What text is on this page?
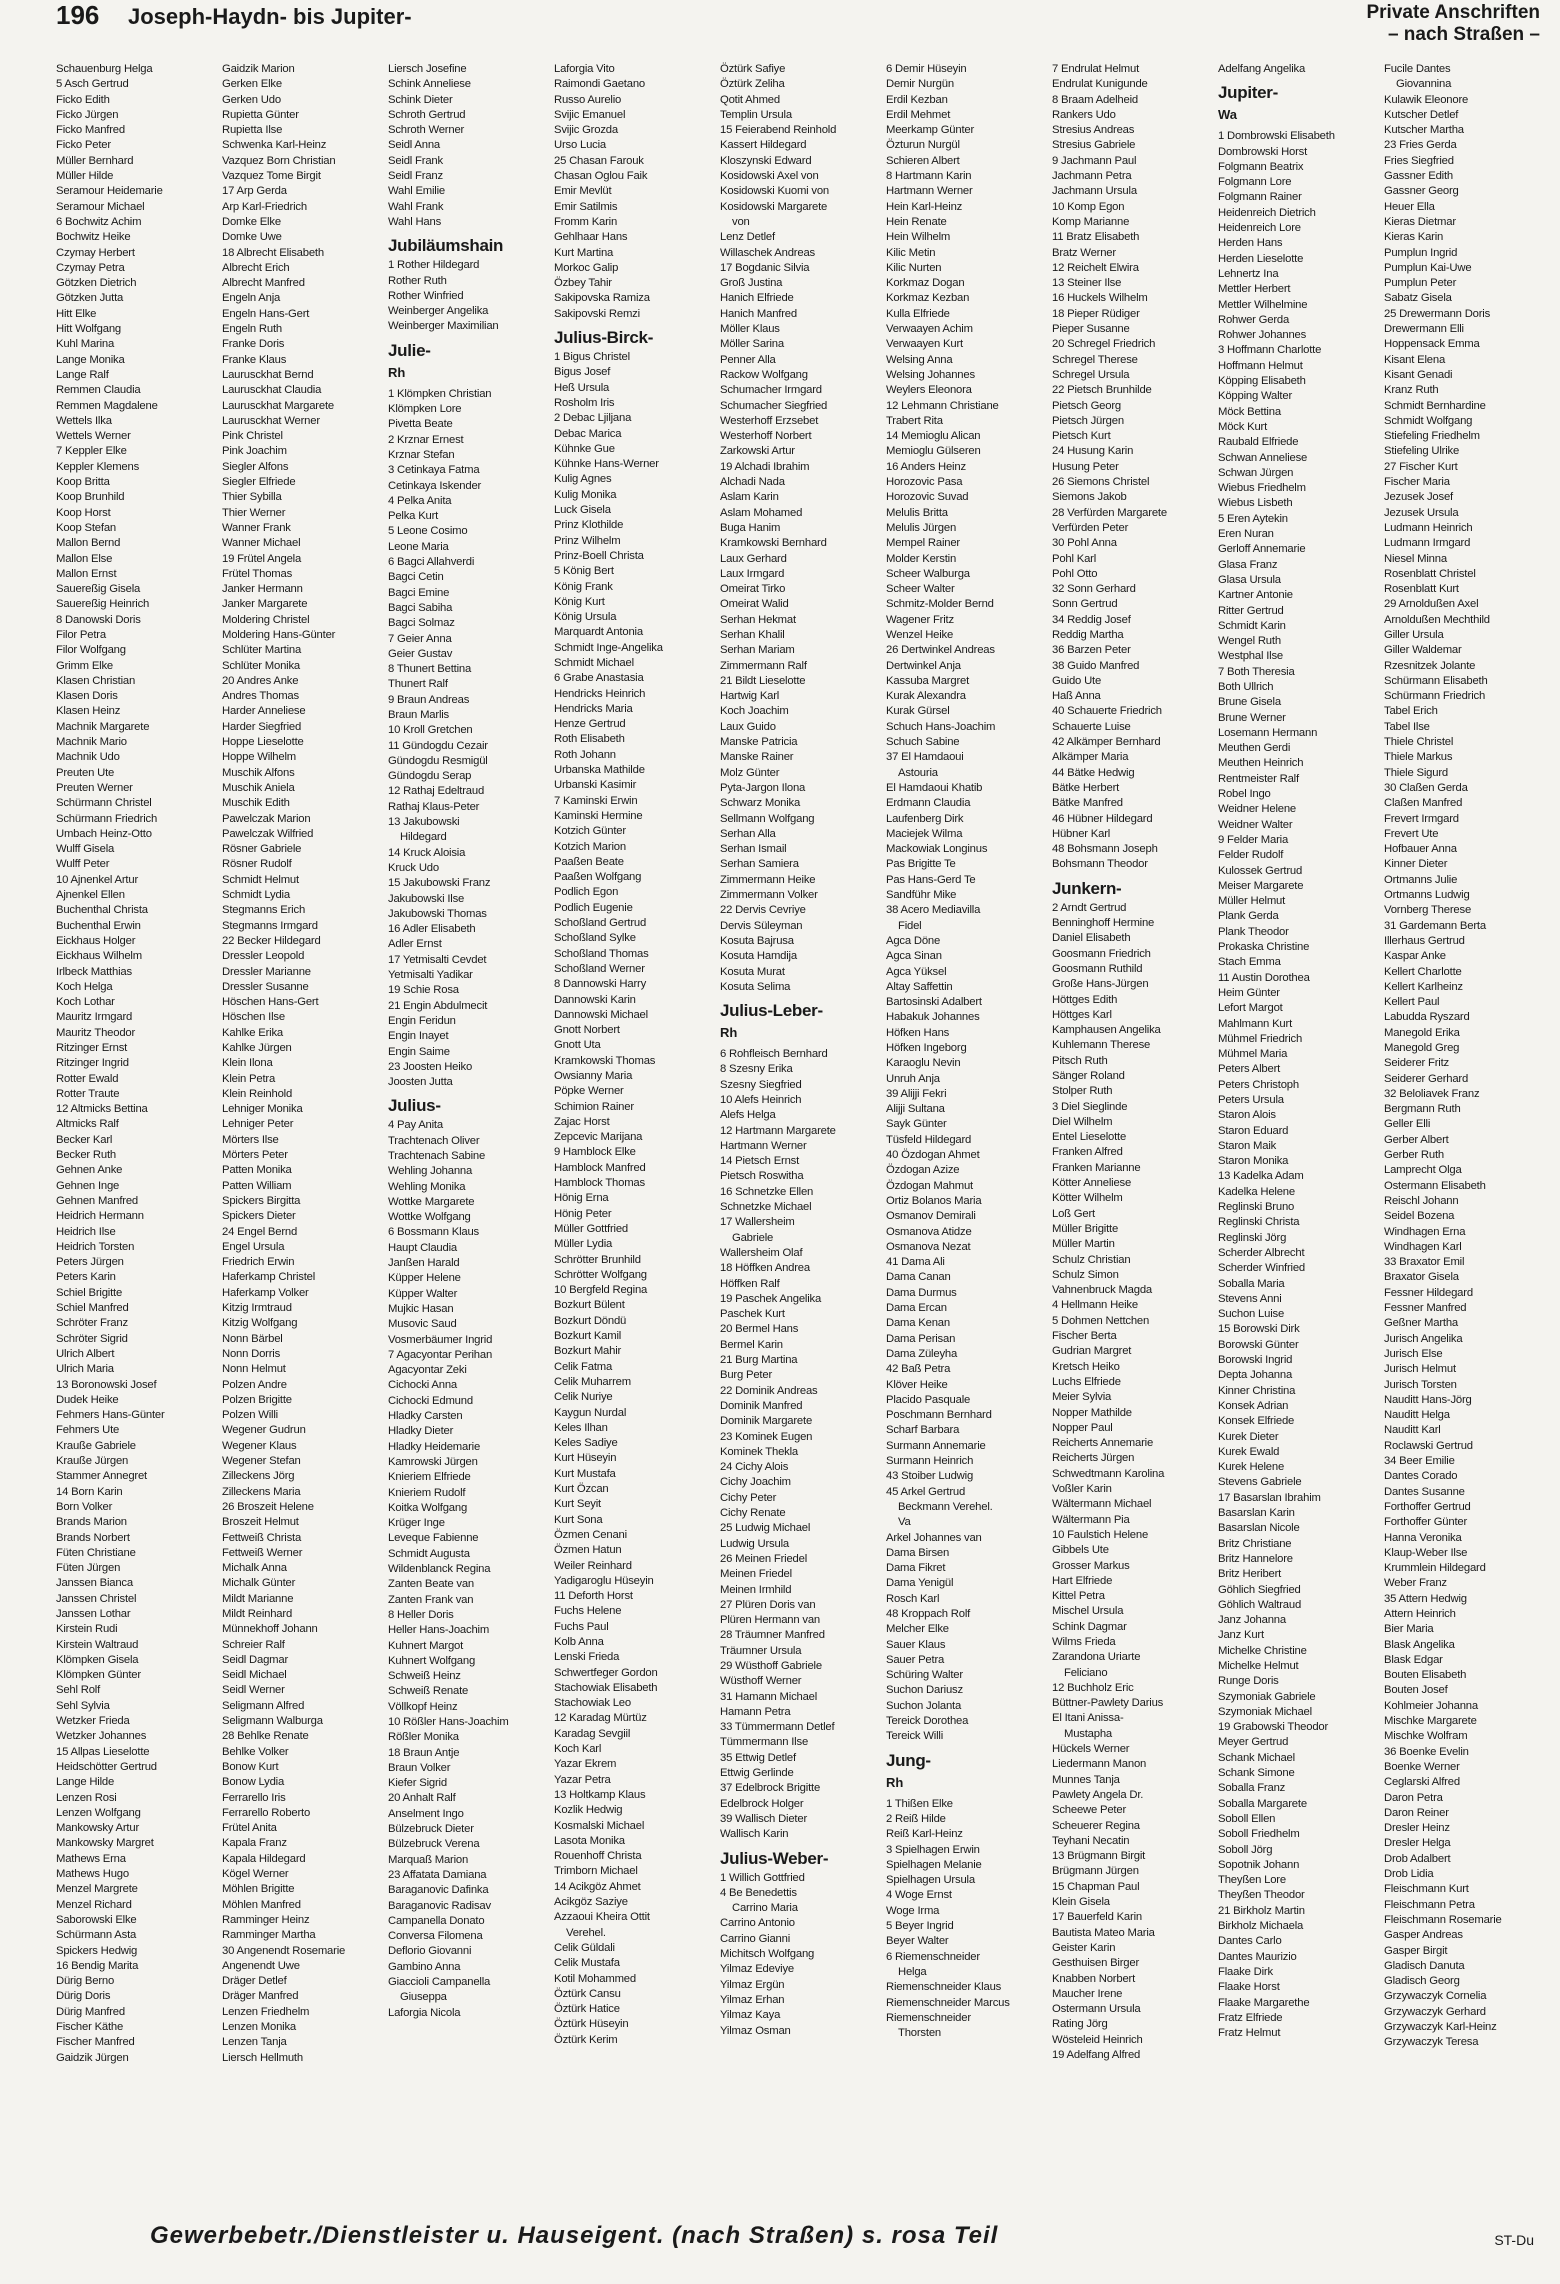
196 Joseph-Haydn- bis Jupiter-	Private Anschriften
– nach Straßen –
Schauenburg Helga
5 Asch Gertrud
Ficko Edith
Ficko Jürgen
Ficko Manfred
Ficko Peter
Müller Bernhard
Müller Hilde
Seramour Heidemarie
Seramour Michael
6 Bochwitz Achim
Bochwitz Heike
Czymay Herbert
Czymay Petra
Götzken Dietrich
Götzken Jutta
Hitt Elke
Hitt Wolfgang
Kuhl Marina
Lange Monika
Lange Ralf
Remmen Claudia
Remmen Magdalene
Wettels Ilka
Wettels Werner
7 Keppler Elke
Keppler Klemens
Koop Britta
Koop Brunhild
Koop Horst
Koop Stefan
Mallon Bernd
Mallon Else
Mallon Ernst
Sauereßig Gisela
Sauereßig Heinrich
8 Danowski Doris
Filor Petra
Filor Wolfgang
Grimm Elke
Klasen Christian
Klasen Doris
Klasen Heinz
Machnik Margarete
Machnik Mario
Machnik Udo
Preuten Ute
Preuten Werner
Schürmann Christel
Schürmann Friedrich
Umbach Heinz-Otto
Wulff Gisela
Wulff Peter
10 Ajnenkel Artur
Ajnenkel Ellen
Buchenthal Christa
Buchenthal Erwin
Eickhaus Holger
Eickhaus Wilhelm
Irlbeck Matthias
Koch Helga
Koch Lothar
Mauritz Irmgard
Mauritz Theodor
Ritzinger Ernst
Ritzinger Ingrid
Rotter Ewald
Rotter Traute
12 Altmicks Bettina
Altmicks Ralf
Becker Karl
Becker Ruth
Gehnen Anke
Gehnen Inge
Gehnen Manfred
Heidrich Hermann
Heidrich Ilse
Heidrich Torsten
Peters Jürgen
Peters Karin
Schiel Brigitte
Schiel Manfred
Schröter Franz
Schröter Sigrid
Ulrich Albert
Ulrich Maria
13 Boronowski Josef
Dudek Heike
Fehmers Hans-Günter
Fehmers Ute
Krauße Gabriele
Krauße Jürgen
Stammer Annegret
14 Born Karin
Born Volker
Brands Marion
Brands Norbert
Füten Christiane
Füten Jürgen
Janssen Bianca
Janssen Christel
Janssen Lothar
Kirstein Rudi
Kirstein Waltraud
Klömpken Gisela
Klömpken Günter
Sehl Rolf
Sehl Sylvia
Wetzker Frieda
Wetzker Johannes
15 Allpas Lieselotte
Heidschötter Gertrud
Lange Hilde
Lenzen Rosi
Lenzen Wolfgang
Mankowsky Artur
Mankowsky Margret
Mathews Erna
Mathews Hugo
Menzel Margrete
Menzel Richard
Saborowski Elke
Schürmann Asta
Spickers Hedwig
16 Bendig Marita
Dürig Berno
Dürig Doris
Dürig Manfred
Fischer Käthe
Fischer Manfred
Gaidzik Jürgen
Gaidzik Marion
Gerken Elke
Gerken Udo
Rupietta Günter
Rupietta Ilse
Schwenka Karl-Heinz
Vazquez Born Christian
Vazquez Tome Birgit
17 Arp Gerda
Arp Karl-Friedrich
Domke Elke
Domke Uwe
18 Albrecht Elisabeth
Albrecht Erich
Albrecht Manfred
Engeln Anja
Engeln Hans-Gert
Engeln Ruth
Franke Doris
Franke Klaus
Laurusckhat Bernd
Laurusckhat Claudia
Laurusckhat Margarete
Laurusckhat Werner
Pink Christel
Pink Joachim
Siegler Alfons
Siegler Elfriede
Thier Sybilla
Thier Werner
Wanner Frank
Wanner Michael
19 Frütel Angela
Frütel Thomas
Janker Hermann
Janker Margarete
Moldering Christel
Moldering Hans-Günter
Schlüter Martina
Schlüter Monika
20 Andres Anke
Andres Thomas
Harder Anneliese
Harder Siegfried
Hoppe Lieselotte
Hoppe Wilhelm
Muschik Alfons
Muschik Aniela
Muschik Edith
Pawelczak Marion
Pawelczak Wilfried
Rösner Gabriele
Rösner Rudolf
Schmidt Helmut
Schmidt Lydia
Stegmanns Erich
Stegmanns Irmgard
22 Becker Hildegard
Dressler Leopold
Dressler Marianne
Dressler Susanne
Höschen Hans-Gert
Höschen Ilse
Kahlke Erika
Kahlke Jürgen
Klein Ilona
Klein Petra
Klein Reinhold
Lehniger Monika
Lehniger Peter
Mörters Ilse
Mörters Peter
Patten Monika
Patten William
Spickers Birgitta
Spickers Dieter
24 Engel Bernd
Engel Ursula
Friedrich Erwin
Haferkamp Christel
Haferkamp Volker
Kitzig Irmtraud
Kitzig Wolfgang
Nonn Bärbel
Nonn Dorris
Nonn Helmut
Polzen Andre
Polzen Brigitte
Polzen Willi
Wegener Gudrun
Wegener Klaus
Wegener Stefan
Zilleckens Jörg
Zilleckens Maria
26 Broszeit Helene
Broszeit Helmut
Fettweiß Christa
Fettweiß Werner
Michalk Anna
Michalk Günter
Mildt Marianne
Mildt Reinhard
Münnekhoff Johann
Schreier Ralf
Seidl Dagmar
Seidl Michael
Seidl Werner
Seligmann Alfred
Seligmann Walburga
28 Behlke Renate
Behlke Volker
Bonow Kurt
Bonow Lydia
Ferrarello Iris
Ferrarello Roberto
Frütel Anita
Kapala Franz
Kapala Hildegard
Kögel Werner
Möhlen Brigitte
Möhlen Manfred
Ramminger Heinz
Ramminger Martha
30 Angenendt Rosemarie
Angenendt Uwe
Dräger Detlef
Dräger Manfred
Lenzen Friedhelm
Lenzen Monika
Lenzen Tanja
Liersch Hellmuth
Liersch Josefine
Schink Anneliese
Schink Dieter
Schroth Gertrud
Schroth Werner
Seidl Anna
Seidl Frank
Seidl Franz
Wahl Emilie
Wahl Frank
Wahl Hans
Jubiläumshain
1 Rother Hildegard
Rother Ruth
Rother Winfried
Weinberger Angelika
Weinberger Maximilian
Julie-
Rh
1 Klömpken Christian
Klömpken Lore
Pivetta Beate
2 Krznar Ernest
Krznar Stefan
3 Cetinkaya Fatma
Cetinkaya Iskender
4 Pelka Anita
Pelka Kurt
5 Leone Cosimo
Leone Maria
6 Bagci Allahverdi
Bagci Cetin
Bagci Emine
Bagci Sabiha
Bagci Solmaz
7 Geier Anna
Geier Gustav
8 Thunert Bettina
Thunert Ralf
9 Braun Andreas
Braun Marlis
10 Kroll Gretchen
11 Gündogdu Cezair
Gündogdu Resmigül
Gündogdu Serap
12 Rathaj Edeltraud
Rathaj Klaus-Peter
13 Jakubowski
Hildegard
14 Kruck Aloisia
Kruck Udo
15 Jakubowski Franz
Jakubowski Ilse
Jakubowski Thomas
16 Adler Elisabeth
Adler Ernst
17 Yetmisalti Cevdet
Yetmisalti Yadikar
19 Schie Rosa
21 Engin Abdulmecit
Engin Feridun
Engin Inayet
Engin Saime
23 Joosten Heiko
Joosten Jutta
Julius-
4 Pay Anita
Trachtenach Oliver
Trachtenach Sabine
Wehling Johanna
Wehling Monika
Wottke Margarete
Wottke Wolfgang
6 Bossmann Klaus
Haupt Claudia
Janßen Harald
Küpper Helene
Küpper Walter
Mujkic Hasan
Musovic Saud
Vosmerbäumer Ingrid
7 Agacyontar Perihan
Agacyontar Zeki
Cichocki Anna
Cichocki Edmund
Hladky Carsten
Hladky Dieter
Hladky Heidemarie
Kamrowski Jürgen
Knieriem Elfriede
Knieriem Rudolf
Koitka Wolfgang
Krüger Inge
Leveque Fabienne
Schmidt Augusta
Wildenblanck Regina
Zanten Beate van
Zanten Frank van
8 Heller Doris
Heller Hans-Joachim
Kuhnert Margot
Kuhnert Wolfgang
Schweiß Heinz
Schweiß Renate
Völlkopf Heinz
10 Rößler Hans-Joachim
Rößler Monika
18 Braun Antje
Braun Volker
Kiefer Sigrid
20 Anhalt Ralf
Anselment Ingo
Bülzebruck Dieter
Bülzebruck Verena
Marquaß Marion
23 Affatata Damiana
Baraganovic Dafinka
Baraganovic Radisav
Campanella Donato
Conversa Filomena
Deflorio Giovanni
Gambino Anna
Giaccioli Campanella
Giuseppa
Laforgia Nicola
Laforgia Vito
Raimondi Gaetano
Russo Aurelio
Svijic Emanuel
Svijic Grozda
Urso Lucia
25 Chasan Farouk
Chasan Oglou Faik
Emir Mevlüt
Emir Satilmis
Fromm Karin
Gehlhaar Hans
Kurt Martina
Morkoc Galip
Özbey Tahir
Sakipovska Ramiza
Sakipovski Remzi
Julius-Birck-
1 Bigus Christel
Bigus Josef
Heß Ursula
Rosholm Iris
2 Debac Ljiljana
Debac Marica
Kühnke Gue
Kühnke Hans-Werner
Kulig Agnes
Kulig Monika
Luck Gisela
Prinz Klothilde
Prinz Wilhelm
Prinz-Boell Christa
5 König Bert
König Frank
König Kurt
König Ursula
Marquardt Antonia
Schmidt Inge-Angelika
Schmidt Michael
6 Grabe Anastasia
Hendricks Heinrich
Hendricks Maria
Henze Gertrud
Roth Elisabeth
Roth Johann
Urbanska Mathilde
Urbanski Kasimir
7 Kaminski Erwin
Kaminski Hermine
Kotzich Günter
Kotzich Marion
Paaßen Beate
Paaßen Wolfgang
Podlich Egon
Podlich Eugenie
Schoßland Gertrud
Schoßland Sylke
Schoßland Thomas
Schoßland Werner
8 Dannowski Harry
Dannowski Karin
Dannowski Michael
Gnott Norbert
Gnott Uta
Kramkowski Thomas
Owsianny Maria
Pöpke Werner
Schimion Rainer
Zajac Horst
Zepcevic Marijana
9 Hamblock Elke
Hamblock Manfred
Hamblock Thomas
Hönig Erna
Hönig Peter
Müller Gottfried
Müller Lydia
Schrötter Brunhild
Schrötter Wolfgang
10 Bergfeld Regina
Bozkurt Bülent
Bozkurt Döndü
Bozkurt Kamil
Bozkurt Mahir
Celik Fatma
Celik Muharrem
Celik Nuriye
Kaygun Nurdal
Keles Ilhan
Keles Sadiye
Kurt Hüseyin
Kurt Mustafa
Kurt Özcan
Kurt Seyit
Kurt Sona
Özmen Cenani
Özmen Hatun
Weiler Reinhard
Yadigaroglu Hüseyin
11 Deforth Horst
Fuchs Helene
Fuchs Paul
Kolb Anna
Lenski Frieda
Schwertfeger Gordon
Stachowiak Elisabeth
Stachowiak Leo
12 Karadag Mürtüz
Karadag Sevgiil
Koch Karl
Yazar Ekrem
Yazar Petra
13 Holtkamp Klaus
Kozlik Hedwig
Kosmalski Michael
Lasota Monika
Rouenhoff Christa
Trimborn Michael
14 Acikgöz Ahmet
Acikgöz Saziye
Azzaoui Kheira Ottit
Verehel.
Celik Güldali
Celik Mustafa
Kotil Mohammed
Öztürk Cansu
Öztürk Hatice
Öztürk Hüseyin
Öztürk Kerim
Öztürk Safiye
Öztürk Zeliha
Qotit Ahmed
Templin Ursula
15 Feierabend Reinhold
Kassert Hildegard
Kloszynski Edward
Kosidowski Axel von
Kosidowski Kuomi von
Kosidowski Margarete
von
Lenz Detlef
Willaschek Andreas
17 Bogdanic Silvia
Groß Justina
Hanich Elfriede
Hanich Manfred
Möller Klaus
Möller Sarina
Penner Alla
Rackow Wolfgang
Schumacher Irmgard
Schumacher Siegfried
Westerhoff Erzsebet
Westerhoff Norbert
Zarkowski Artur
19 Alchadi Ibrahim
Alchadi Nada
Aslam Karin
Aslam Mohamed
Buga Hanim
Kramkowski Bernhard
Laux Gerhard
Laux Irmgard
Omeirat Tirko
Omeirat Walid
Serhan Hekmat
Serhan Khalil
Serhan Mariam
Zimmermann Ralf
21 Bildt Lieselotte
Hartwig Karl
Koch Joachim
Laux Guido
Manske Patricia
Manske Rainer
Molz Günter
Pyta-Jargon Ilona
Schwarz Monika
Sellmann Wolfgang
Serhan Alla
Serhan Ismail
Serhan Samiera
Zimmermann Heike
Zimmermann Volker
22 Dervis Cevriye
Dervis Süleyman
Kosuta Bajrusa
Kosuta Hamdija
Kosuta Murat
Kosuta Selima
Julius-Leber-
Rh
6 Rohfleisch Bernhard
8 Szesny Erika
Szesny Siegfried
10 Alefs Heinrich
Alefs Helga
12 Hartmann Margarete
Hartmann Werner
14 Pietsch Ernst
Pietsch Roswitha
16 Schnetzke Ellen
Schnetzke Michael
17 Wallersheim
Gabriele
Wallersheim Olaf
18 Höffken Andrea
Höffken Ralf
19 Paschek Angelika
Paschek Kurt
20 Bermel Hans
Bermel Karin
21 Burg Martina
Burg Peter
22 Dominik Andreas
Dominik Manfred
Dominik Margarete
23 Kominek Eugen
Kominek Thekla
24 Cichy Alois
Cichy Joachim
Cichy Peter
Cichy Renate
25 Ludwig Michael
Ludwig Ursula
26 Meinen Friedel
Meinen Friedel
Meinen Irmhild
27 Plüren Doris van
Plüren Hermann van
28 Träumner Manfred
Träumner Ursula
29 Wüsthoff Gabriele
Wüsthoff Werner
31 Hamann Michael
Hamann Petra
33 Tümmermann Detlef
Tümmermann Ilse
35 Ettwig Detlef
Ettwig Gerlinde
37 Edelbrock Brigitte
Edelbrock Holger
39 Wallisch Dieter
Wallisch Karin
Julius-Weber-
1 Willich Gottfried
4 Be Benedettis
Carrino Maria
Carrino Antonio
Carrino Gianni
Michitsch Wolfgang
Yilmaz Edeviye
Yilmaz Ergün
Yilmaz Erhan
Yilmaz Kaya
Yilmaz Osman
6 Demir Hüseyin
Demir Nurgün
Erdil Kezban
Erdil Mehmet
Meerkamp Günter
Özturun Nurgül
Schieren Albert
8 Hartmann Karin
Hartmann Werner
Hein Karl-Heinz
Hein Renate
Hein Wilhelm
Kilic Metin
Kilic Nurten
Korkmaz Dogan
Korkmaz Kezban
Kulla Elfriede
Verwaayen Achim
Verwaayen Kurt
Welsing Anna
Welsing Johannes
Weylers Eleonora
12 Lehmann Christiane
Trabert Rita
14 Memioglu Alican
Memioglu Gülseren
16 Anders Heinz
Horozovic Pasa
Horozovic Suvad
Melulis Britta
Melulis Jürgen
Mempel Rainer
Molder Kerstin
Scheer Walburga
Scheer Walter
Schmitz-Molder Bernd
Wagener Fritz
Wenzel Heike
26 Dertwinkel Andreas
Dertwinkel Anja
Kassuba Margret
Kurak Alexandra
Kurak Gürsel
Schuch Hans-Joachim
Schuch Sabine
37 El Hamdaoui
Astouria
El Hamdaoui Khatib
Erdmann Claudia
Laufenberg Dirk
Maciejek Wilma
Mackowiak Longinus
Pas Brigitte Te
Pas Hans-Gerd Te
Sandführ Mike
38 Acero Mediavilla
Fidel
Agca Döne
Agca Sinan
Agca Yüksel
Altay Saffettin
Bartosinski Adalbert
Habakuk Johannes
Höfken Hans
Höfken Ingeborg
Karaoglu Nevin
Unruh Anja
39 Alijji Fekri
Alijji Sultana
Sayk Günter
Tüsfeld Hildegard
40 Özdogan Ahmet
Özdogan Azize
Özdogan Mahmut
Ortiz Bolanos Maria
Osmanov Demirali
Osmanova Atidze
Osmanova Nezat
41 Dama Ali
Dama Canan
Dama Durmus
Dama Ercan
Dama Kenan
Dama Perisan
Dama Züleyha
42 Baß Petra
Klöver Heike
Placido Pasquale
Poschmann Bernhard
Scharf Barbara
Surmann Annemarie
Surmann Heinrich
43 Stoiber Ludwig
45 Arkel Gertrud
Beckmann Verehel.
Va
Arkel Johannes van
Dama Birsen
Dama Fikret
Dama Yenigül
Rosch Karl
48 Kroppach Rolf
Melcher Elke
Sauer Klaus
Sauer Petra
Schüring Walter
Suchon Dariusz
Suchon Jolanta
Tereick Dorothea
Tereick Willi
Jung-
Rh
1 Thißen Elke
2 Reiß Hilde
Reiß Karl-Heinz
3 Spielhagen Erwin
Spielhagen Melanie
Spielhagen Ursula
4 Woge Ernst
Woge Irma
5 Beyer Ingrid
Beyer Walter
6 Riemenschneider
Helga
Riemenschneider Klaus
Riemenschneider Marcus
Riemenschneider
Thorsten
7 Endrulat Helmut
Endrulat Kunigunde
8 Braam Adelheid
Rankers Udo
Stresius Andreas
Stresius Gabriele
9 Jachmann Paul
Jachmann Petra
Jachmann Ursula
10 Komp Egon
Komp Marianne
11 Bratz Elisabeth
Bratz Werner
12 Reichelt Elwira
13 Steiner Ilse
16 Huckels Wilhelm
18 Pieper Rüdiger
Pieper Susanne
20 Schregel Friedrich
Schregel Therese
Schregel Ursula
22 Pietsch Brunhilde
Pietsch Georg
Pietsch Jürgen
Pietsch Kurt
24 Husung Karin
Husung Peter
26 Siemons Christel
Siemons Jakob
28 Verfürden Margarete
Verfürden Peter
30 Pohl Anna
Pohl Karl
Pohl Otto
32 Sonn Gerhard
Sonn Gertrud
34 Reddig Josef
Reddig Martha
36 Barzen Peter
38 Guido Manfred
Guido Ute
Haß Anna
40 Schauerte Friedrich
Schauerte Luise
42 Alkämper Bernhard
Alkämper Maria
44 Bätke Hedwig
Bätke Herbert
Bätke Manfred
46 Hübner Hildegard
Hübner Karl
48 Bohsmann Joseph
Bohsmann Theodor
Junkern-
2 Arndt Gertrud
Benninghoff Hermine
Daniel Elisabeth
Goosmann Friedrich
Goosmann Ruthild
Große Hans-Jürgen
Höttges Edith
Höttges Karl
Kamphausen Angelika
Kuhlemann Therese
Pitsch Ruth
Sänger Roland
Stolper Ruth
3 Diel Sieglinde
Diel Wilhelm
Entel Lieselotte
Franken Alfred
Franken Marianne
Kötter Anneliese
Kötter Wilhelm
Loß Gert
Müller Brigitte
Müller Martin
Schulz Christian
Schulz Simon
Vahnenbruck Magda
4 Hellmann Heike
5 Dohmen Nettchen
Fischer Berta
Gudrian Margret
Kretsch Heiko
Luchs Elfriede
Meier Sylvia
Nopper Mathilde
Nopper Paul
Reicherts Annemarie
Reicherts Jürgen
Schwedtmann Karolina
Voßler Karin
Wältermann Michael
Wältermann Pia
10 Faulstich Helene
Gibbels Ute
Grosser Markus
Hart Elfriede
Kittel Petra
Mischel Ursula
Schink Dagmar
Wilms Frieda
Zarandona Uriarte
Feliciano
12 Buchholz Eric
Büttner-Pawlety Darius
El Itani Anissa-
Mustapha
Hückels Werner
Liedermann Manon
Munnes Tanja
Pawlety Angela Dr.
Scheewe Peter
Scheuerer Regina
Teyhani Necatin
13 Brügmann Birgit
Brügmann Jürgen
15 Chapman Paul
Klein Gisela
17 Bauerfeld Karin
Bautista Mateo Maria
Geister Karin
Gesthuisen Birger
Knabben Norbert
Maucher Irene
Ostermann Ursula
Rating Jörg
Wösteleid Heinrich
19 Adelfang Alfred
Adelfang Angelika
Jupiter-
Wa
1 Dombrowski Elisabeth
Dombrowski Horst
Folgmann Beatrix
Folgmann Lore
Folgmann Rainer
Heidenreich Dietrich
Heidenreich Lore
Herden Hans
Herden Lieselotte
Lehnertz Ina
Mettler Herbert
Mettler Wilhelmine
Rohwer Gerda
Rohwer Johannes
3 Hoffmann Charlotte
Hoffmann Helmut
Köpping Elisabeth
Köpping Walter
Möck Bettina
Möck Kurt
Raubald Elfriede
Schwan Anneliese
Schwan Jürgen
Wiebus Friedhelm
Wiebus Lisbeth
5 Eren Aytekin
Eren Nuran
Gerloff Annemarie
Glasa Franz
Glasa Ursula
Kartner Antonie
Ritter Gertrud
Schmidt Karin
Wengel Ruth
Westphal Ilse
7 Both Theresia
Both Ullrich
Brune Gisela
Brune Werner
Losemann Hermann
Meuthen Gerdi
Meuthen Heinrich
Rentmeister Ralf
Robel Ingo
Weidner Helene
Weidner Walter
9 Felder Maria
Felder Rudolf
Kulossek Gertrud
Meiser Margarete
Müller Helmut
Plank Gerda
Plank Theodor
Prokaska Christine
Stach Emma
11 Austin Dorothea
Heim Günter
Lefort Margot
Mahlmann Kurt
Mühmel Friedrich
Mühmel Maria
Peters Albert
Peters Christoph
Peters Ursula
Staron Alois
Staron Eduard
Staron Maik
Staron Monika
13 Kadelka Adam
Kadelka Helene
Reglinski Bruno
Reglinski Christa
Reglinski Jörg
Scherder Albrecht
Scherder Winfried
Soballa Maria
Stevens Anni
Suchon Luise
15 Borowski Dirk
Borowski Günter
Borowski Ingrid
Depta Johanna
Kinner Christina
Konsek Adrian
Konsek Elfriede
Kurek Dieter
Kurek Ewald
Kurek Helene
Stevens Gabriele
17 Basarslan Ibrahim
Basarslan Karin
Basarslan Nicole
Britz Christiane
Britz Hannelore
Britz Heribert
Göhlich Siegfried
Göhlich Waltraud
Janz Johanna
Janz Kurt
Michelke Christine
Michelke Helmut
Runge Doris
Szymoniak Gabriele
Szymoniak Michael
19 Grabowski Theodor
Meyer Gertrud
Schank Michael
Schank Simone
Soballa Franz
Soballa Margarete
Soboll Ellen
Soboll Friedhelm
Soboll Jörg
Sopotnik Johann
Theyßen Lore
Theyßen Theodor
21 Birkholz Martin
Birkholz Michaela
Dantes Carlo
Dantes Maurizio
Flaake Dirk
Flaake Horst
Flaake Margarethe
Fratz Elfriede
Fratz Helmut
Fucile Dantes
Giovannina
Kulawik Eleonore
Kutscher Detlef
Kutscher Martha
23 Fries Gerda
Fries Siegfried
Gassner Edith
Gassner Georg
Heuer Ella
Kieras Dietmar
Kieras Karin
Pumplun Ingrid
Pumplun Kai-Uwe
Pumplun Peter
Sabatz Gisela
25 Drewermann Doris
Drewermann Elli
Hoppensack Emma
Kisant Elena
Kisant Genadi
Kranz Ruth
Schmidt Bernhardine
Schmidt Wolfgang
Stiefeling Friedhelm
Stiefeling Ulrike
27 Fischer Kurt
Fischer Maria
Jezusek Josef
Jezusek Ursula
Ludmann Heinrich
Ludmann Irmgard
Niesel Minna
Rosenblatt Christel
Rosenblatt Kurt
29 Arnoldußen Axel
Arnoldußen Mechthild
Giller Ursula
Giller Waldemar
Rzesnitzek Jolante
Schürmann Elisabeth
Schürmann Friedrich
Tabel Erich
Tabel Ilse
Thiele Christel
Thiele Markus
Thiele Sigurd
30 Claßen Gerda
Claßen Manfred
Frevert Irmgard
Frevert Ute
Hofbauer Anna
Kinner Dieter
Ortmanns Julie
Ortmanns Ludwig
Vornberg Therese
31 Gardemann Berta
Illerhaus Gertrud
Kaspar Anke
Kellert Charlotte
Kellert Karlheinz
Kellert Paul
Labudda Ryszard
Manegold Erika
Manegold Greg
Seiderer Fritz
Seiderer Gerhard
32 Beloliavek Franz
Bergmann Ruth
Geller Elli
Gerber Albert
Gerber Ruth
Lamprecht Olga
Ostermann Elisabeth
Reischl Johann
Seidel Bozena
Windhagen Erna
Windhagen Karl
33 Braxator Emil
Braxator Gisela
Fessner Hildegard
Fessner Manfred
Geßner Martha
Jurisch Angelika
Jurisch Else
Jurisch Helmut
Jurisch Torsten
Nauditt Hans-Jörg
Nauditt Helga
Nauditt Karl
Roclawski Gertrud
34 Beer Emilie
Dantes Corado
Dantes Susanne
Forthoffer Gertrud
Forthoffer Günter
Hanna Veronika
Klaup-Weber Ilse
Krummlein Hildegard
Weber Franz
35 Attern Hedwig
Attern Heinrich
Bier Maria
Blask Angelika
Blask Edgar
Bouten Elisabeth
Bouten Josef
Kohlmeier Johanna
Mischke Margarete
Mischke Wolfram
36 Boenke Evelin
Boenke Werner
Ceglarski Alfred
Daron Petra
Daron Reiner
Dresler Heinz
Dresler Helga
Drob Adalbert
Drob Lidia
Fleischmann Kurt
Fleischmann Petra
Fleischmann Rosemarie
Gasper Andreas
Gasper Birgit
Gladisch Danuta
Gladisch Georg
Grzywaczyk Cornelia
Grzywaczyk Gerhard
Grzywaczyk Karl-Heinz
Grzywaczyk Teresa
Gewerbebetr./Dienstleister u. Hauseigent. (nach Straßen) s. rosa Teil	ST-Du
